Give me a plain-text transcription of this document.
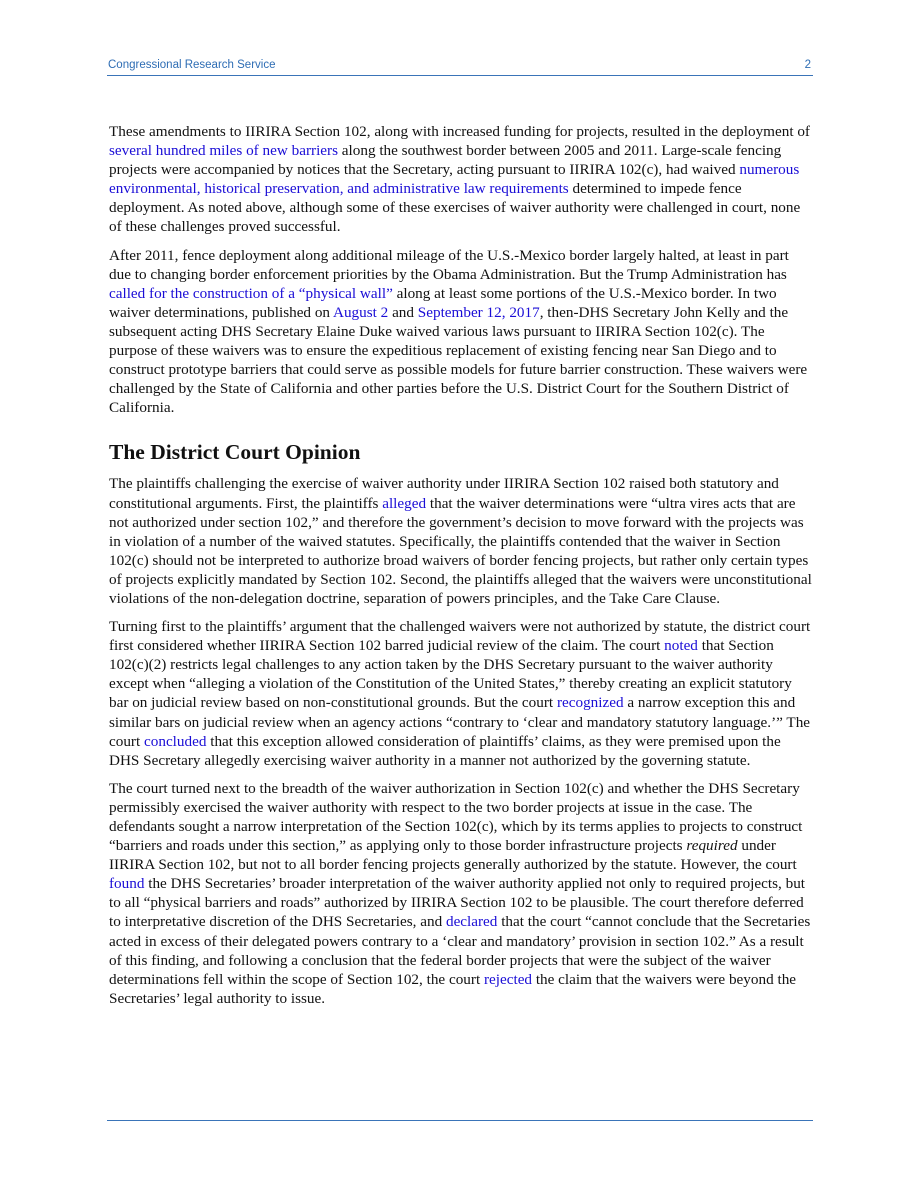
Congressional Research Service	2

These amendments to IIRIRA Section 102, along with increased funding for projects, resulted in the deployment of several hundred miles of new barriers along the southwest border between 2005 and 2011. Large-scale fencing projects were accompanied by notices that the Secretary, acting pursuant to IIRIRA 102(c), had waived numerous environmental, historical preservation, and administrative law requirements determined to impede fence deployment. As noted above, although some of these exercises of waiver authority were challenged in court, none of these challenges proved successful.

After 2011, fence deployment along additional mileage of the U.S.-Mexico border largely halted, at least in part due to changing border enforcement priorities by the Obama Administration. But the Trump Administration has called for the construction of a “physical wall” along at least some portions of the U.S.-Mexico border. In two waiver determinations, published on August 2 and September 12, 2017, then-DHS Secretary John Kelly and the subsequent acting DHS Secretary Elaine Duke waived various laws pursuant to IIRIRA Section 102(c). The purpose of these waivers was to ensure the expeditious replacement of existing fencing near San Diego and to construct prototype barriers that could serve as possible models for future barrier construction. These waivers were challenged by the State of California and other parties before the U.S. District Court for the Southern District of California.

The District Court Opinion

The plaintiffs challenging the exercise of waiver authority under IIRIRA Section 102 raised both statutory and constitutional arguments. First, the plaintiffs alleged that the waiver determinations were “ultra vires acts that are not authorized under section 102,” and therefore the government’s decision to move forward with the projects was in violation of a number of the waived statutes. Specifically, the plaintiffs contended that the waiver in Section 102(c) should not be interpreted to authorize broad waivers of border fencing projects, but rather only certain types of projects explicitly mandated by Section 102. Second, the plaintiffs alleged that the waivers were unconstitutional violations of the non-delegation doctrine, separation of powers principles, and the Take Care Clause.

Turning first to the plaintiffs’ argument that the challenged waivers were not authorized by statute, the district court first considered whether IIRIRA Section 102 barred judicial review of the claim. The court noted that Section 102(c)(2) restricts legal challenges to any action taken by the DHS Secretary pursuant to the waiver authority except when “alleging a violation of the Constitution of the United States,” thereby creating an explicit statutory bar on judicial review based on non-constitutional grounds. But the court recognized a narrow exception this and similar bars on judicial review when an agency actions “contrary to ‘clear and mandatory statutory language.’” The court concluded that this exception allowed consideration of plaintiffs’ claims, as they were premised upon the DHS Secretary allegedly exercising waiver authority in a manner not authorized by the governing statute.

The court turned next to the breadth of the waiver authorization in Section 102(c) and whether the DHS Secretary permissibly exercised the waiver authority with respect to the two border projects at issue in the case. The defendants sought a narrow interpretation of the Section 102(c), which by its terms applies to projects to construct “barriers and roads under this section,” as applying only to those border infrastructure projects required under IIRIRA Section 102, but not to all border fencing projects generally authorized by the statute. However, the court found the DHS Secretaries’ broader interpretation of the waiver authority applied not only to required projects, but to all “physical barriers and roads” authorized by IIRIRA Section 102 to be plausible. The court therefore deferred to interpretative discretion of the DHS Secretaries, and declared that the court “cannot conclude that the Secretaries acted in excess of their delegated powers contrary to a ‘clear and mandatory’ provision in section 102.” As a result of this finding, and following a conclusion that the federal border projects that were the subject of the waiver determinations fell within the scope of Section 102, the court rejected the claim that the waivers were beyond the Secretaries’ legal authority to issue.
